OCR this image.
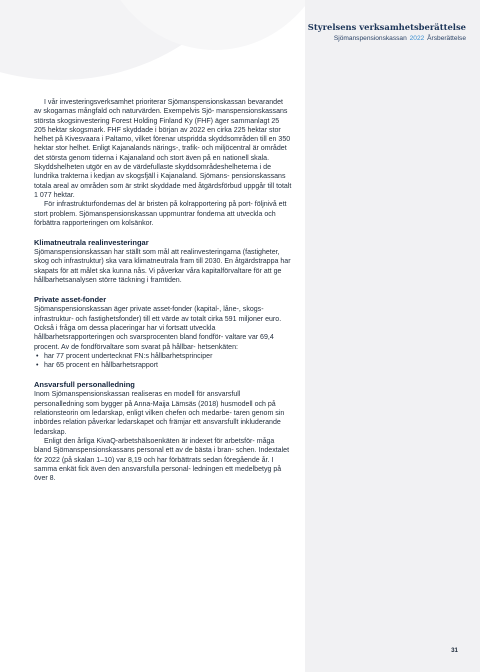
Styrelsens verksamhetsberättelse
Sjömanspensionskassan 2022 Årsberättelse
31

I vår investeringsverksamhet prioriterar Sjömanspensionskassan bevarandet av skogarnas mångfald och naturvärden. Exempelvis Sjö- manspensionskassans största skogsinvestering Forest Holding Finland Ky (FHF) äger sammanlagt 25 205 hektar skogsmark. FHF skyddade i början av 2022 en cirka 225 hektar stor helhet på Kivesvaara i Paltamo, vilket förenar utspridda skyddsområden till en 350 hektar stor helhet. Enligt Kajanalands närings-, trafik- och miljöcentral är området det största genom tiderna i Kajanaland och stort även på en nationell skala. Skyddshelheten utgör en av de värdefullaste skyddsområdeshelheterna i de lundrika trakterna i kedjan av skogsfjäll i Kajanaland. Sjömans- pensionskassans totala areal av områden som är strikt skyddade med åtgärdsförbud uppgår till totalt 1 077 hektar.

För infrastrukturfondernas del är bristen på kolrapportering på port- följnivå ett stort problem. Sjömanspensionskassan uppmuntrar fonderna att utveckla och förbättra rapporteringen om kolsänkor.

Klimatneutrala realinvesteringar

Sjömanspensionskassan har ställt som mål att realinvesteringarna (fastigheter, skog och infrastruktur) ska vara klimatneutrala fram till 2030. En åtgärdstrappa har skapats för att målet ska kunna nås. Vi påverkar våra kapitalförvaltare för att ge hållbarhetsanalysen större täckning i framtiden.

Private asset-fonder

Sjömanspensionskassan äger private asset-fonder (kapital-, låne-, skogs- infrastruktur- och fastighetsfonder) till ett värde av totalt cirka 591 miljoner euro. Också i fråga om dessa placeringar har vi fortsatt utveckla hållbarhetsrapporteringen och svarsprocenten bland fondför- valtare var 69,4 procent. Av de fondförvaltare som svarat på hållbar- hetsenkäten:

• har 77 procent undertecknat FN:s hållbarhetsprinciper
• har 65 procent en hållbarhetsrapport
Ansvarsfull personalledning

Inom Sjömanspensionskassan realiseras en modell för ansvarsfull personalledning som bygger på Anna-Maija Lämsäs (2018) husmodell och på relationsteorin om ledarskap, enligt vilken chefen och medarbe- taren genom sin inbördes relation påverkar ledarskapet och främjar ett ansvarsfullt inkluderande ledarskap.

Enligt den årliga KivaQ-arbetshälsoenkäten är indexet för arbetsför- måga bland Sjömanspensionskassans personal ett av de bästa i bran- schen. Indextalet för 2022 (på skalan 1–10) var 8,19 och har förbättrats sedan föregående år. I samma enkät fick även den ansvarsfulla personal- ledningen ett medelbetyg på över 8.
